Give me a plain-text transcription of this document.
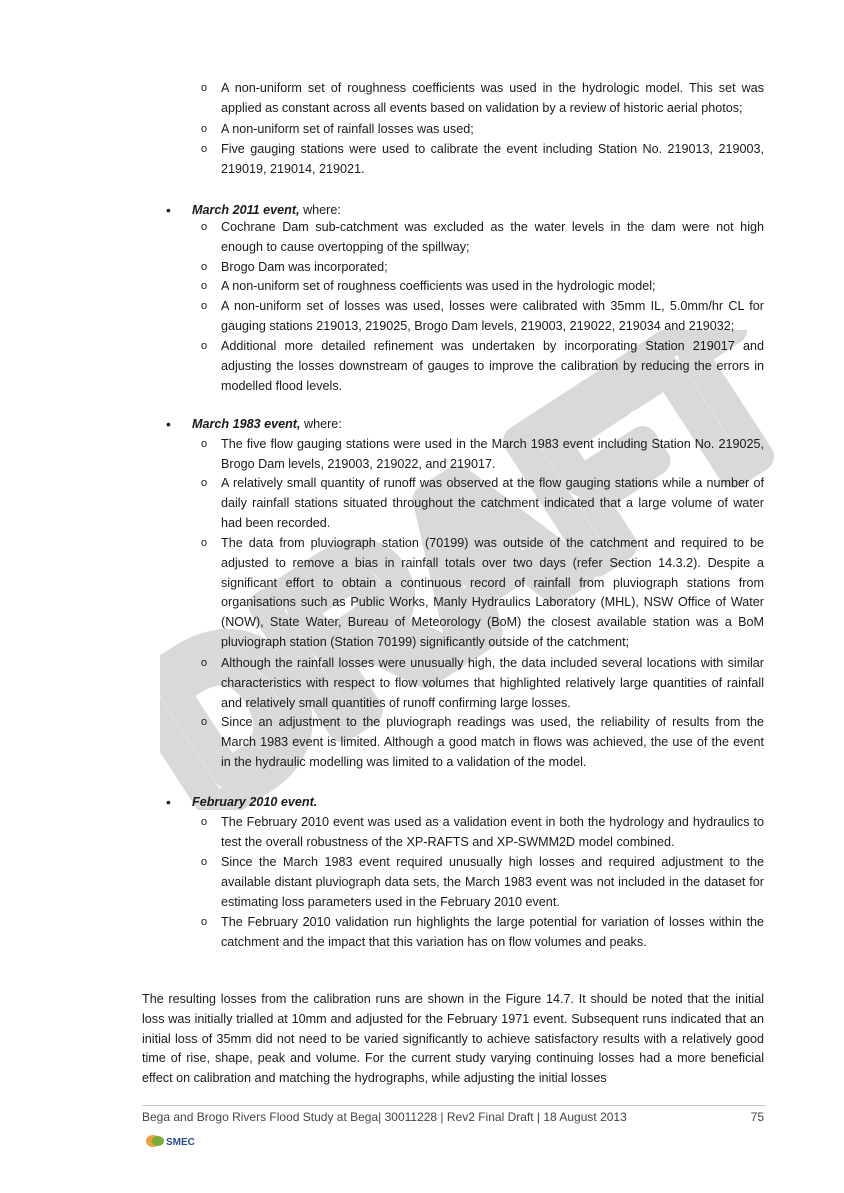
DRAFT
o A non-uniform set of roughness coefficients was used in the hydrologic model. This set was applied as constant across all events based on validation by a review of historic aerial photos;
o A non-uniform set of rainfall losses was used;
o Five gauging stations were used to calibrate the event including Station No. 219013, 219003, 219019, 219014, 219021.
• March 2011 event, where:
o Cochrane Dam sub-catchment was excluded as the water levels in the dam were not high enough to cause overtopping of the spillway;
o Brogo Dam was incorporated;
o A non-uniform set of roughness coefficients was used in the hydrologic model;
o A non-uniform set of losses was used, losses were calibrated with 35mm IL, 5.0mm/hr CL for gauging stations 219013, 219025, Brogo Dam levels, 219003, 219022, 219034 and 219032;
o Additional more detailed refinement was undertaken by incorporating Station 219017 and adjusting the losses downstream of gauges to improve the calibration by reducing the errors in modelled flood levels.
• March 1983 event, where:
o The five flow gauging stations were used in the March 1983 event including Station No. 219025, Brogo Dam levels, 219003, 219022, and 219017.
o A relatively small quantity of runoff was observed at the flow gauging stations while a number of daily rainfall stations situated throughout the catchment indicated that a large volume of water had been recorded.
o The data from pluviograph station (70199) was outside of the catchment and required to be adjusted to remove a bias in rainfall totals over two days (refer Section 14.3.2). Despite a significant effort to obtain a continuous record of rainfall from pluviograph stations from organisations such as Public Works, Manly Hydraulics Laboratory (MHL), NSW Office of Water (NOW), State Water, Bureau of Meteorology (BoM) the closest available station was a BoM pluviograph station (Station 70199) significantly outside of the catchment;
o Although the rainfall losses were unusually high, the data included several locations with similar characteristics with respect to flow volumes that highlighted relatively large quantities of rainfall and relatively small quantities of runoff confirming large losses.
o Since an adjustment to the pluviograph readings was used, the reliability of results from the March 1983 event is limited. Although a good match in flows was achieved, the use of the event in the hydraulic modelling was limited to a validation of the model.
• February 2010 event.
o The February 2010 event was used as a validation event in both the hydrology and hydraulics to test the overall robustness of the XP-RAFTS and XP-SWMM2D model combined.
o Since the March 1983 event required unusually high losses and required adjustment to the available distant pluviograph data sets, the March 1983 event was not included in the dataset for estimating loss parameters used in the February 2010 event.
o The February 2010 validation run highlights the large potential for variation of losses within the catchment and the impact that this variation has on flow volumes and peaks.
The resulting losses from the calibration runs are shown in the Figure 14.7. It should be noted that the initial loss was initially trialled at 10mm and adjusted for the February 1971 event. Subsequent runs indicated that an initial loss of 35mm did not need to be varied significantly to achieve satisfactory results with a relatively good time of rise, shape, peak and volume. For the current study varying continuing losses had a more beneficial effect on calibration and matching the hydrographs, while adjusting the initial losses
Bega and Brogo Rivers Flood Study at Bega| 30011228 | Rev2 Final Draft | 18 August 2013	75
SMEC
